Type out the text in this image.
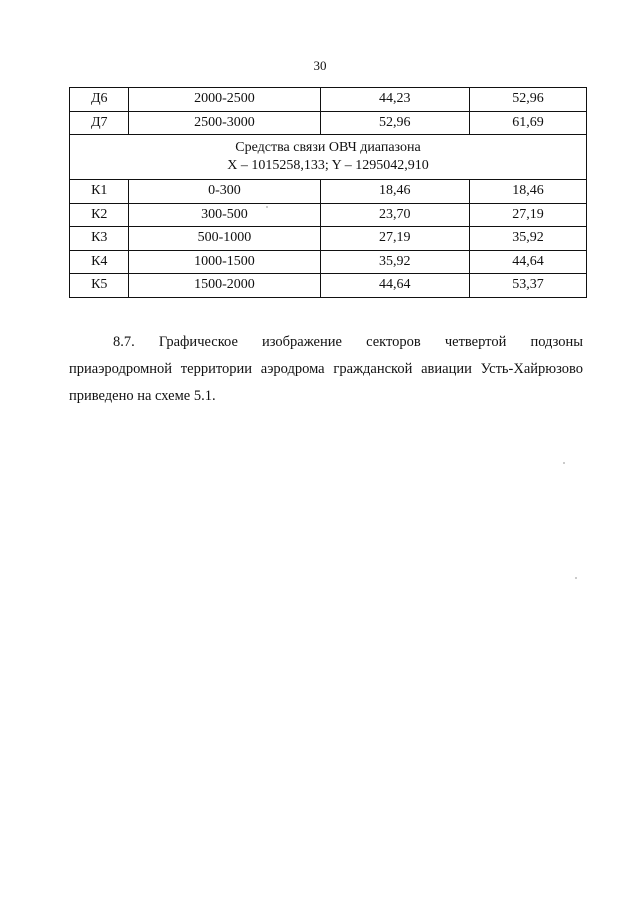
30
Д6	2000-2500	44,23	52,96
Д7	2500-3000	52,96	61,69

Средства связи ОВЧ диапазона
X – 1015258,133; Y – 1295042,910			

К1	0-300	18,46	18,46
К2	300-500	23,70	27,19
К3	500-1000	27,19	35,92
К4	1000-1500	35,92	44,64
К5	1500-2000	44,64	53,37

8.7. Графическое изображение секторов четвертой подзоны приаэродромной территории аэродрома гражданской авиации Усть-Хайрюзово приведено на схеме 5.1.
